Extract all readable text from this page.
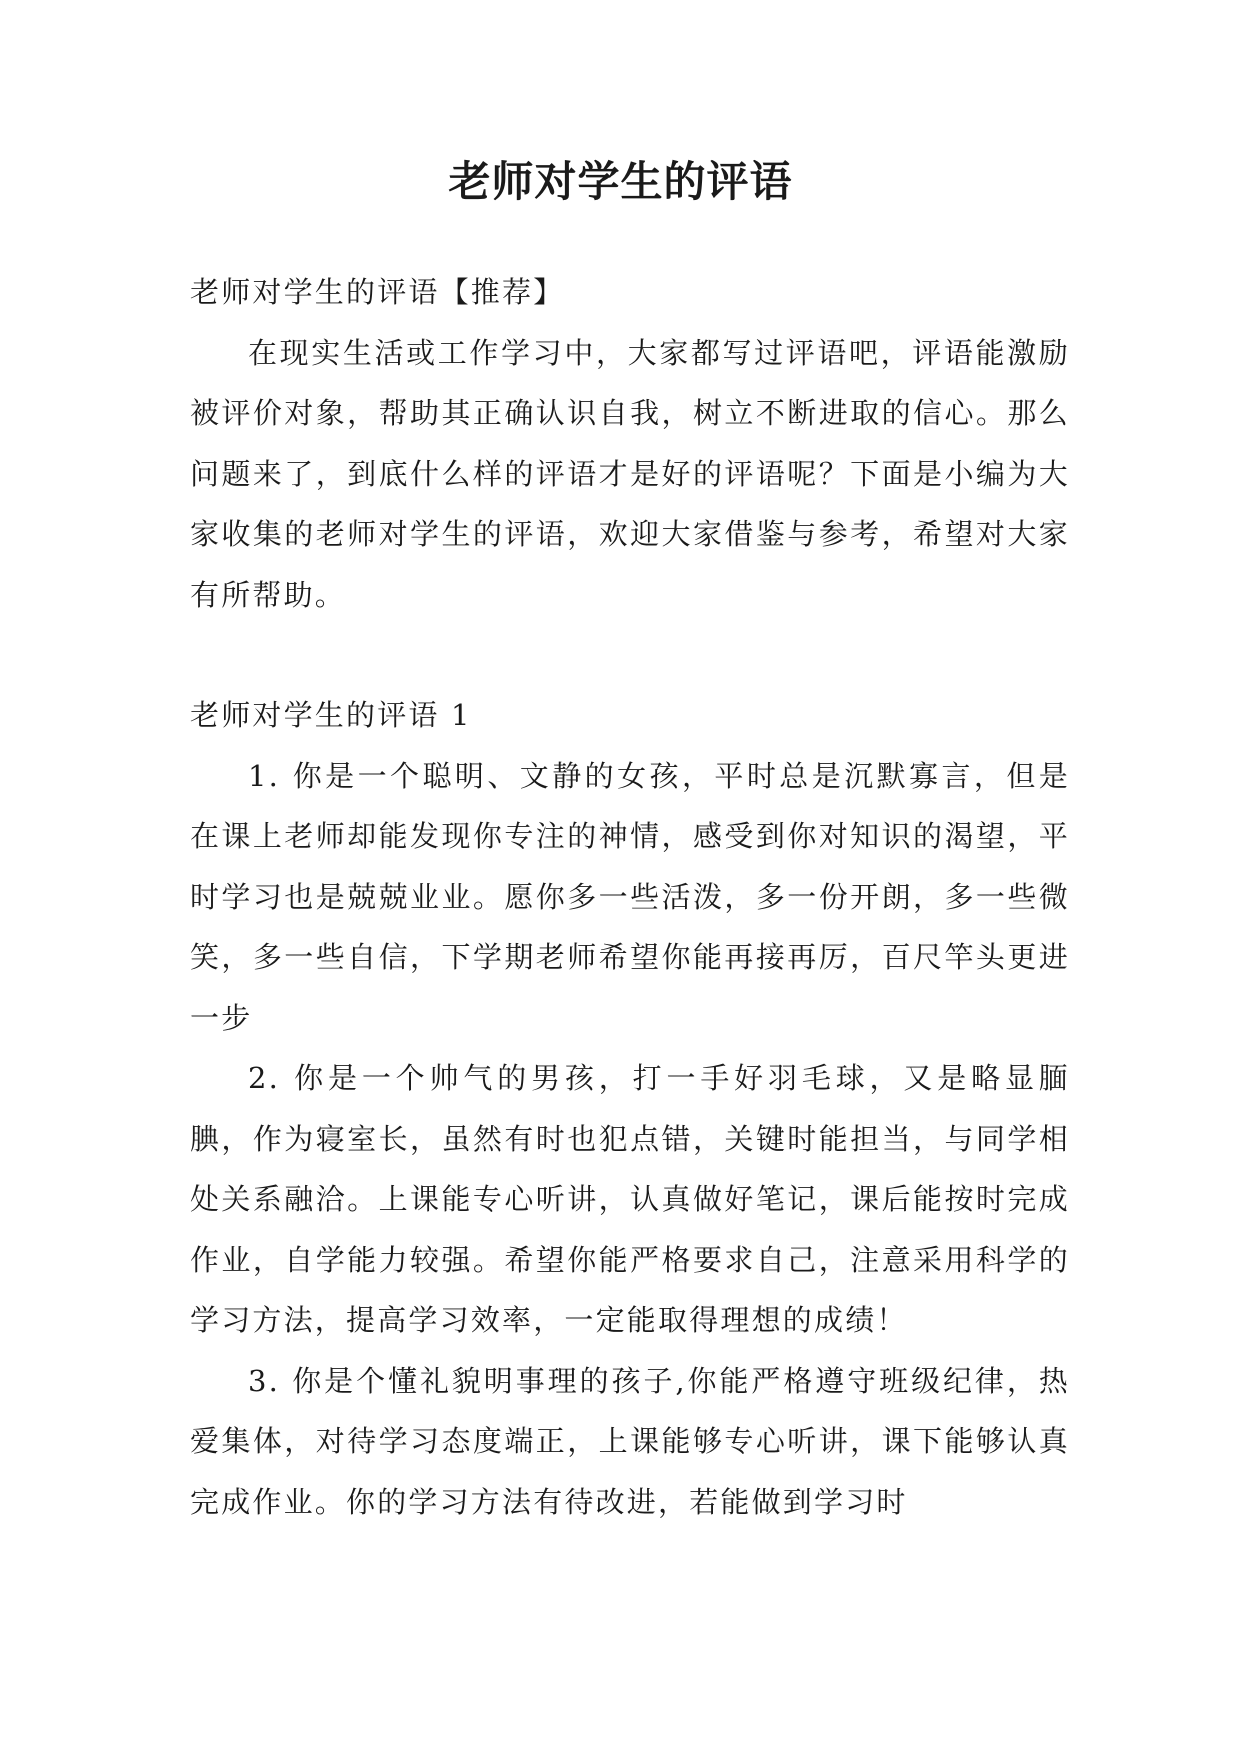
老师对学生的评语

老师对学生的评语【推荐】

在现实生活或工作学习中，大家都写过评语吧，评语能激励被评价对象，帮助其正确认识自我，树立不断进取的信心。那么问题来了，到底什么样的评语才是好的评语呢？下面是小编为大家收集的老师对学生的评语，欢迎大家借鉴与参考，希望对大家有所帮助。

老师对学生的评语 1

1. 你是一个聪明、文静的女孩，平时总是沉默寡言，但是在课上老师却能发现你专注的神情，感受到你对知识的渴望，平时学习也是兢兢业业。愿你多一些活泼，多一份开朗，多一些微笑，多一些自信，下学期老师希望你能再接再厉，百尺竿头更进一步

2. 你是一个帅气的男孩，打一手好羽毛球，又是略显腼腆，作为寝室长，虽然有时也犯点错，关键时能担当，与同学相处关系融洽。上课能专心听讲，认真做好笔记，课后能按时完成作业，自学能力较强。希望你能严格要求自己，注意采用科学的学习方法，提高学习效率，一定能取得理想的成绩！

3. 你是个懂礼貌明事理的孩子,你能严格遵守班级纪律，热爱集体，对待学习态度端正，上课能够专心听讲，课下能够认真完成作业。你的学习方法有待改进，若能做到学习时
